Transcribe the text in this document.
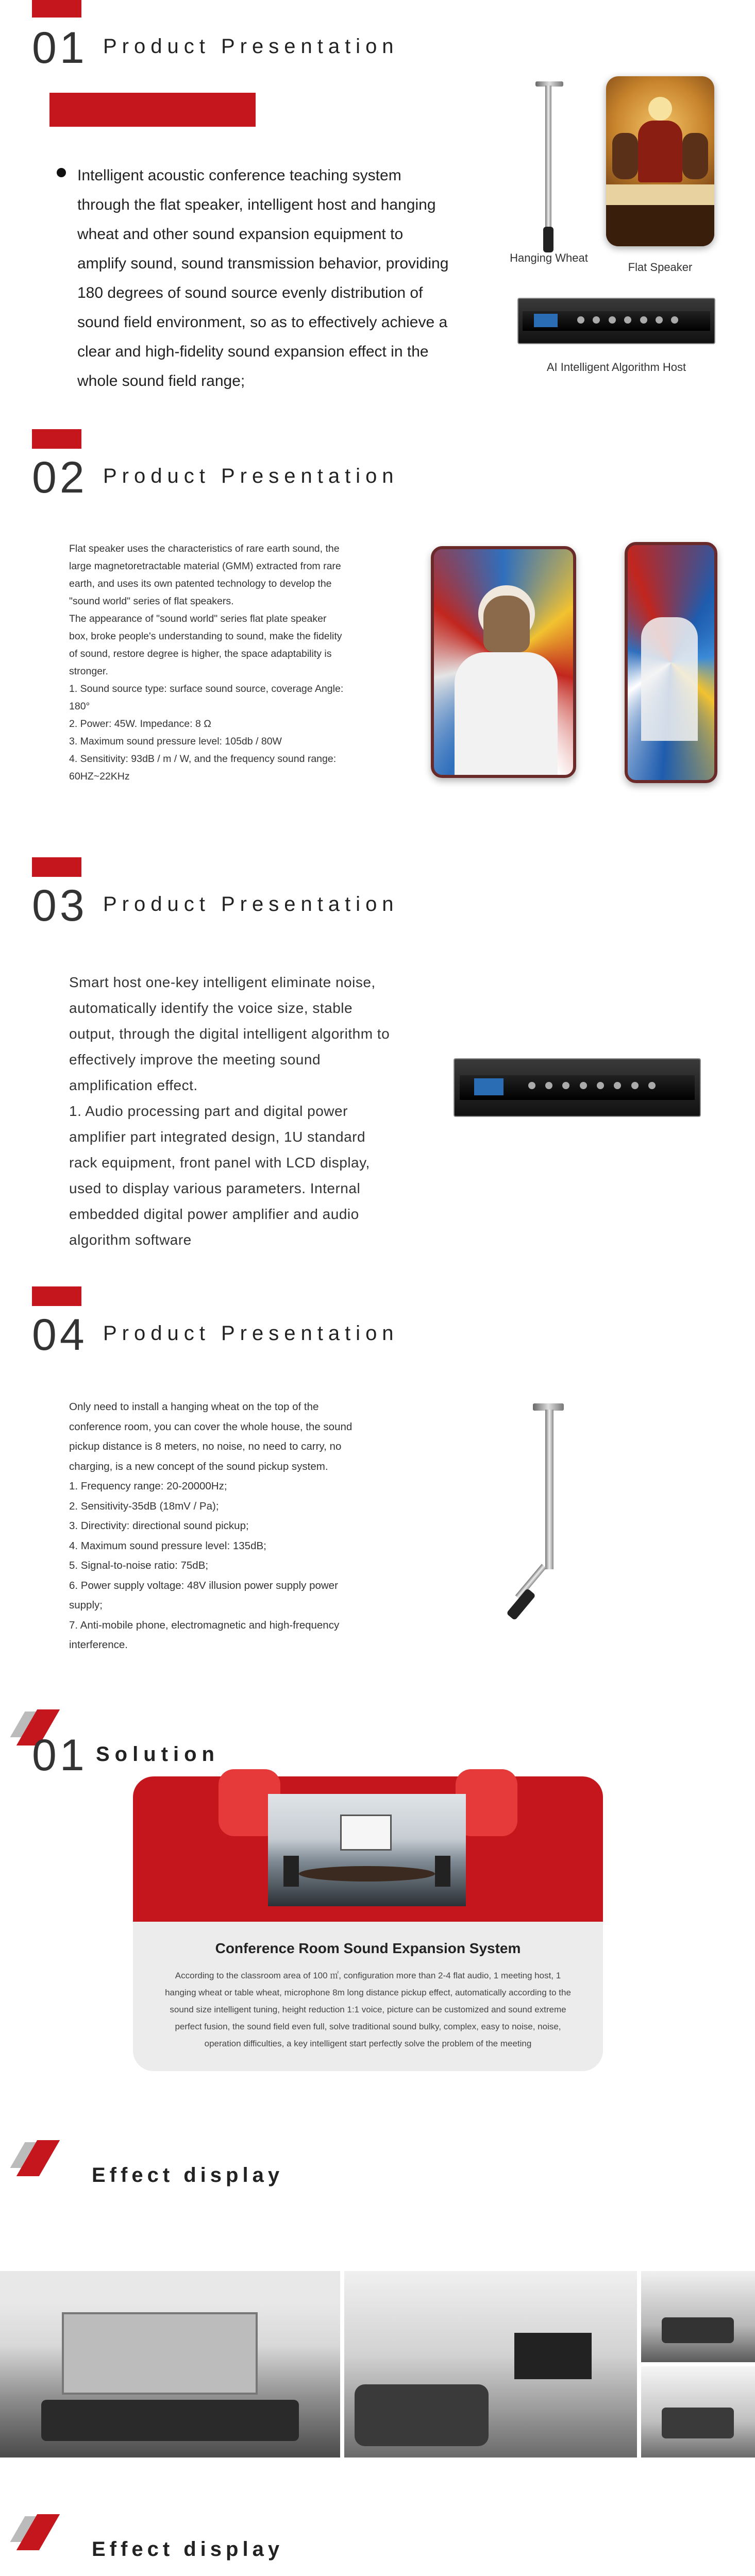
01 Product Presentation

Intelligent acoustic conference teaching system

through the flat speaker, intelligent host and hanging

wheat and other sound expansion equipment to

amplify sound, sound transmission behavior, providing

180 degrees of sound source evenly distribution of

sound field environment, so as to effectively achieve a

clear and high-fidelity sound expansion effect in the

whole sound field range;

Hanging Wheat
Flat Speaker
AI Intelligent Algorithm Host
02 Product Presentation

Flat speaker uses the characteristics of rare earth sound, the

large magnetoretractable material (GMM) extracted from rare

earth, and uses its own patented technology to develop the

"sound world" series of flat speakers.

The appearance of "sound world" series flat plate speaker

box, broke people's understanding to sound, make the fidelity

of sound, restore degree is higher, the space adaptability is

stronger.

1. Sound source type: surface sound source, coverage Angle:

180°

2. Power: 45W. Impedance: 8 Ω

3. Maximum sound pressure level: 105db / 80W

4. Sensitivity: 93dB / m / W, and the frequency sound range:

60HZ~22KHz

03 Product Presentation

Smart host one-key intelligent eliminate noise,

automatically identify the voice size, stable

output, through the digital intelligent algorithm to

effectively improve the meeting sound

amplification effect.

1. Audio processing part and digital power

amplifier part integrated design, 1U standard

rack equipment, front panel with LCD display,

used to display various parameters. Internal

embedded digital power amplifier and audio

algorithm software

04 Product Presentation

Only need to install a hanging wheat on the top of the

conference room, you can cover the whole house, the sound

pickup distance is 8 meters, no noise, no need to carry, no

charging, is a new concept of the sound pickup system.

1. Frequency range: 20-20000Hz;

2. Sensitivity-35dB (18mV / Pa);

3. Directivity: directional sound pickup;

4. Maximum sound pressure level: 135dB;

5. Signal-to-noise ratio: 75dB;

6. Power supply voltage: 48V illusion power supply power

supply;

7. Anti-mobile phone, electromagnetic and high-frequency

interference.

01 Solution
Conference Room Sound Expansion System

According to the classroom area of 100 ㎡, configuration more than 2-4 flat audio, 1 meeting host, 1

hanging wheat or table wheat, microphone 8m long distance pickup effect, automatically according to the

sound size intelligent tuning, height reduction 1:1 voice, picture can be customized and sound extreme

perfect fusion, the sound field even full, solve traditional sound bulky, complex, easy to noise, noise,

operation difficulties, a key intelligent start perfectly solve the problem of the meeting

Effect display
Effect display
